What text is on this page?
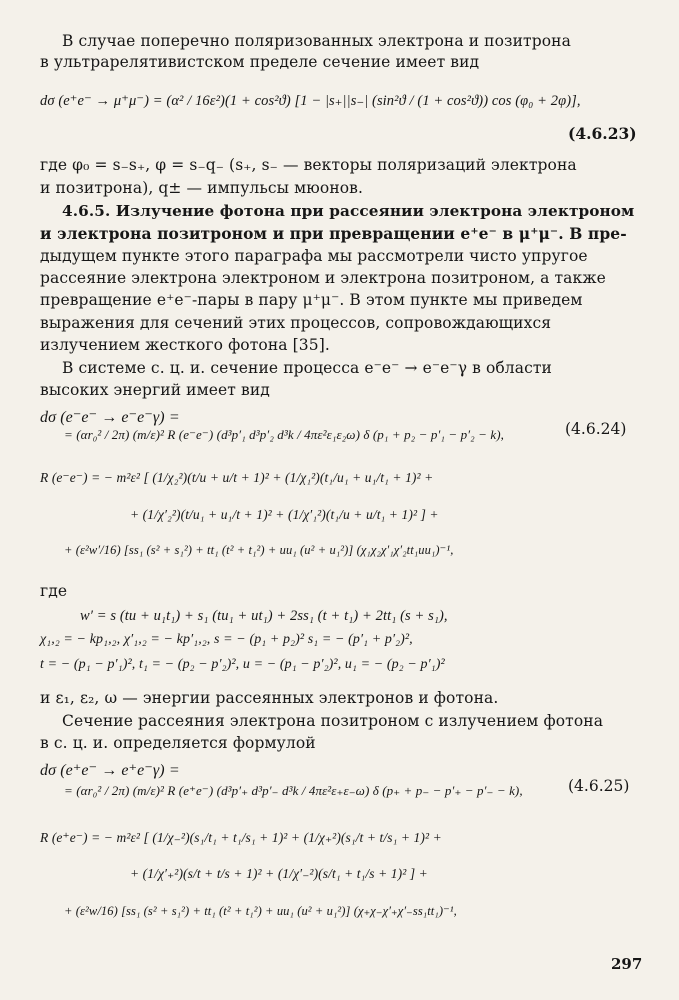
В случае поперечно поляризованных электрона и позитрона
в ультрарелятивистском пределе сечение имеет вид
dσ (e⁺e⁻ → μ⁺μ⁻) = (α² / 16ε²)(1 + cos²ϑ) [1 − |s₊||s₋| (sin²ϑ / (1 + cos²ϑ)) cos (φ₀ + 2φ)],
(4.6.23)
где φ₀ = s₋s₊, φ = s₋q₋ (s₊, s₋ — векторы поляризаций электрона
и позитрона), q± — импульсы мюонов.
4.6.5. Излучение фотона при рассеянии электрона электроном
и электрона позитроном и при превращении e⁺e⁻ в μ⁺μ⁻. В пре-
дыдущем пункте этого параграфа мы рассмотрели чисто упругое
рассеяние электрона электроном и электрона позитроном, а также
превращение e⁺e⁻-пары в пару μ⁺μ⁻. В этом пункте мы приведем
выражения для сечений этих процессов, сопровождающихся
излучением жесткого фотона [35].
В системе с. ц. и. сечение процесса e⁻e⁻ → e⁻e⁻γ в области
высоких энергий имеет вид
dσ (e⁻e⁻ → e⁻e⁻γ) =
= (αr₀² / 2π) (m/ε)² R (e⁻e⁻) (d³p′₁ d³p′₂ d³k / 4πε²ε₁ε₂ω) δ (p₁ + p₂ − p′₁ − p′₂ − k),	(4.6.24)
R (e⁻e⁻) = − m²ε² [ (1/χ₂²)(t/u + u/t + 1)² + (1/χ₁²)(t₁/u₁ + u₁/t₁ + 1)² +
+ (1/χ′₂²)(t/u₁ + u₁/t + 1)² + (1/χ′₁²)(t₁/u + u/t₁ + 1)² ] +
+ (ε²w′/16) [ss₁ (s² + s₁²) + tt₁ (t² + t₁²) + uu₁ (u² + u₁²)] (χ₁χ₂χ′₁χ′₂tt₁uu₁)⁻¹,
где
w′ = s (tu + u₁t₁) + s₁ (tu₁ + ut₁) + 2ss₁ (t + t₁) + 2tt₁ (s + s₁),
χ₁,₂ = − kp₁,₂, χ′₁,₂ = − kp′₁,₂, s = − (p₁ + p₂)² s₁ = − (p′₁ + p′₂)²,
t = − (p₁ − p′₁)², t₁ = − (p₂ − p′₂)², u = − (p₁ − p′₂)², u₁ = − (p₂ − p′₁)²
и ε₁, ε₂, ω — энергии рассеянных электронов и фотона.
Сечение рассеяния электрона позитроном с излучением фотона
в с. ц. и. определяется формулой
dσ (e⁺e⁻ → e⁺e⁻γ) =
= (αr₀² / 2π) (m/ε)² R (e⁺e⁻) (d³p′₊ d³p′₋ d³k / 4πε²ε₊ε₋ω) δ (p₊ + p₋ − p′₊ − p′₋ − k),	(4.6.25)
R (e⁺e⁻) = − m²ε² [ (1/χ₋²)(s₁/t₁ + t₁/s₁ + 1)² + (1/χ₊²)(s₁/t + t/s₁ + 1)² +
+ (1/χ′₊²)(s/t + t/s + 1)² + (1/χ′₋²)(s/t₁ + t₁/s + 1)² ] +
+ (ε²w/16) [ss₁ (s² + s₁²) + tt₁ (t² + t₁²) + uu₁ (u² + u₁²)] (χ₊χ₋χ′₊χ′₋ss₁tt₁)⁻¹,
297
